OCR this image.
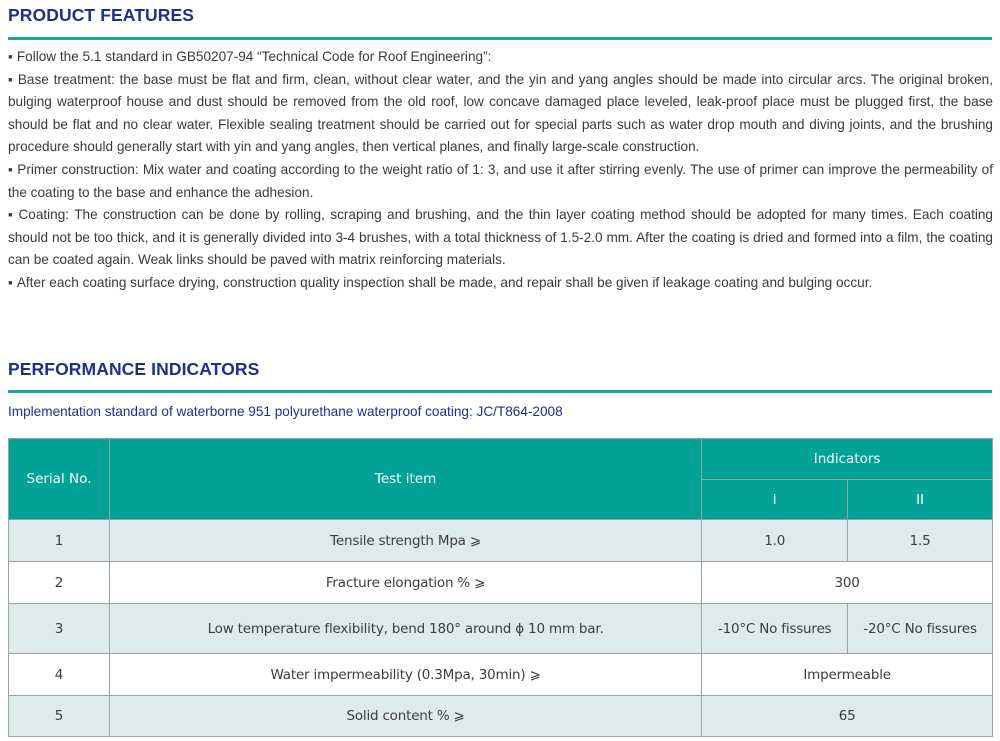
PRODUCT FEATURES
▪ Follow the 5.1 standard in GB50207-94 “Technical Code for Roof Engineering”:
▪ Base treatment: the base must be flat and firm, clean, without clear water, and the yin and yang angles should be made into circular arcs. The original broken, bulging waterproof house and dust should be removed from the old roof, low concave damaged place leveled, leak-proof place must be plugged first, the base should be flat and no clear water. Flexible sealing treatment should be carried out for special parts such as water drop mouth and diving joints, and the brushing procedure should generally start with yin and yang angles, then vertical planes, and finally large-scale construction.
▪ Primer construction: Mix water and coating according to the weight ratio of 1: 3, and use it after stirring evenly. The use of primer can improve the permeability of the coating to the base and enhance the adhesion.
▪ Coating: The construction can be done by rolling, scraping and brushing, and the thin layer coating method should be adopted for many times. Each coating should not be too thick, and it is generally divided into 3-4 brushes, with a total thickness of 1.5-2.0 mm. After the coating is dried and formed into a film, the coating can be coated again. Weak links should be paved with matrix reinforcing materials.
▪ After each coating surface drying, construction quality inspection shall be made, and repair shall be given if leakage coating and bulging occur.
PERFORMANCE INDICATORS

Implementation standard of waterborne 951 polyurethane waterproof coating: JC/T864-2008

Serial No.	Test item	Indicators	
		I	II
1	Tensile strength Mpa ⩾	1.0	1.5
2	Fracture elongation % ⩾	300	
3	Low temperature flexibility, bend 180° around ϕ 10 mm bar.	-10°C No fissures	-20°C No fissures
4	Water impermeability (0.3Mpa, 30min) ⩾	Impermeable	
5	Solid content % ⩾	65	
